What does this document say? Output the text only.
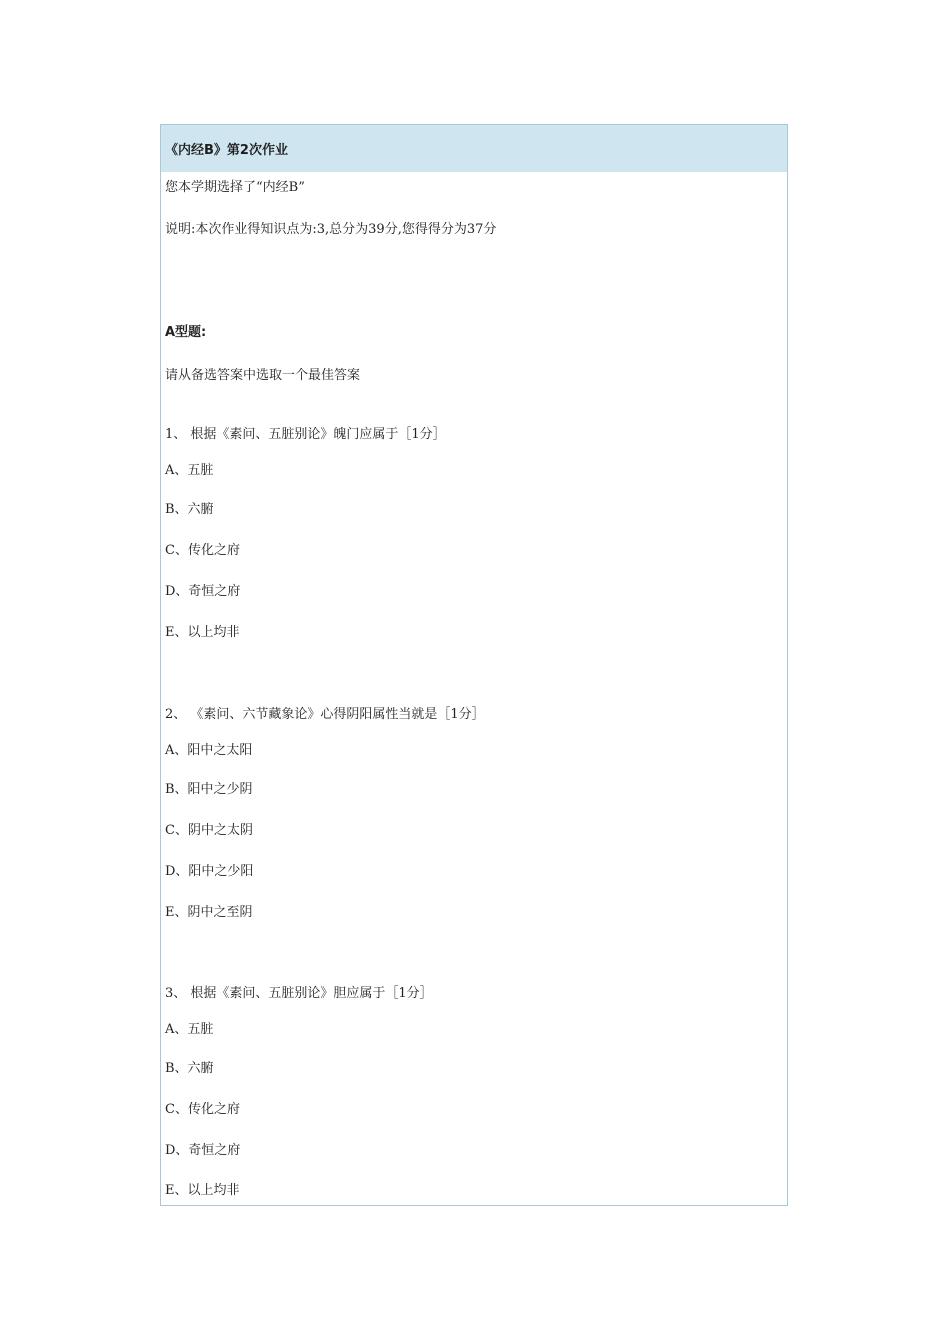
《内经B》第2次作业
您本学期选择了“内经B”
说明:本次作业得知识点为:3,总分为39分,您得得分为37分
A型题:
请从备选答案中选取一个最佳答案
1、 根据《素问、五脏别论》魄门应属于［1分］
A、五脏
B、六腑
C、传化之府
D、奇恒之府
E、以上均非
2、 《素问、六节藏象论》心得阴阳属性当就是［1分］
A、阳中之太阳
B、阳中之少阴
C、阴中之太阴
D、阳中之少阳
E、阴中之至阴
3、 根据《素问、五脏别论》胆应属于［1分］
A、五脏
B、六腑
C、传化之府
D、奇恒之府
E、以上均非
